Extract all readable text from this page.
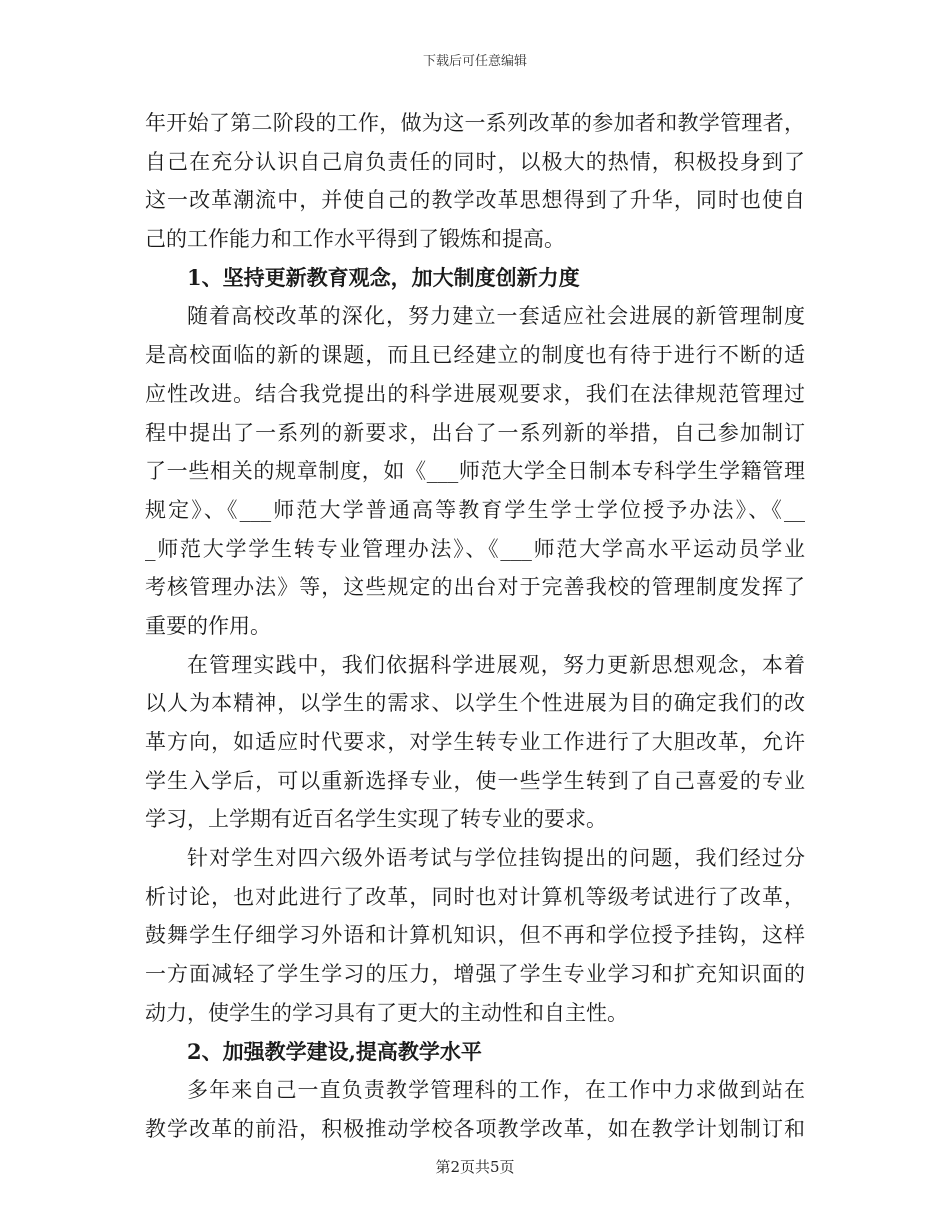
下载后可任意编辑
年开始了第二阶段的工作，做为这一系列改革的参加者和教学管理者，
自己在充分认识自己肩负责任的同时，以极大的热情，积极投身到了
这一改革潮流中，并使自己的教学改革思想得到了升华，同时也使自
己的工作能力和工作水平得到了锻炼和提高。
1、坚持更新教育观念，加大制度创新力度
随着高校改革的深化，努力建立一套适应社会进展的新管理制度
是高校面临的新的课题，而且已经建立的制度也有待于进行不断的适
应性改进。结合我党提出的科学进展观要求，我们在法律规范管理过
程中提出了一系列的新要求，出台了一系列新的举措，自己参加制订
了一些相关的规章制度，如《___师范大学全日制本专科学生学籍管理
规定》、《___师范大学普通高等教育学生学士学位授予办法》、《__
_师范大学学生转专业管理办法》、《___师范大学高水平运动员学业
考核管理办法》等，这些规定的出台对于完善我校的管理制度发挥了
重要的作用。
在管理实践中，我们依据科学进展观，努力更新思想观念，本着
以人为本精神，以学生的需求、以学生个性进展为目的确定我们的改
革方向，如适应时代要求，对学生转专业工作进行了大胆改革，允许
学生入学后，可以重新选择专业，使一些学生转到了自己喜爱的专业
学习，上学期有近百名学生实现了转专业的要求。
针对学生对四六级外语考试与学位挂钩提出的问题，我们经过分
析讨论，也对此进行了改革，同时也对计算机等级考试进行了改革，
鼓舞学生仔细学习外语和计算机知识，但不再和学位授予挂钩，这样
一方面减轻了学生学习的压力，增强了学生专业学习和扩充知识面的
动力，使学生的学习具有了更大的主动性和自主性。
2、加强教学建设,提高教学水平
多年来自己一直负责教学管理科的工作，在工作中力求做到站在
教学改革的前沿，积极推动学校各项教学改革，如在教学计划制订和
第2页共5页
